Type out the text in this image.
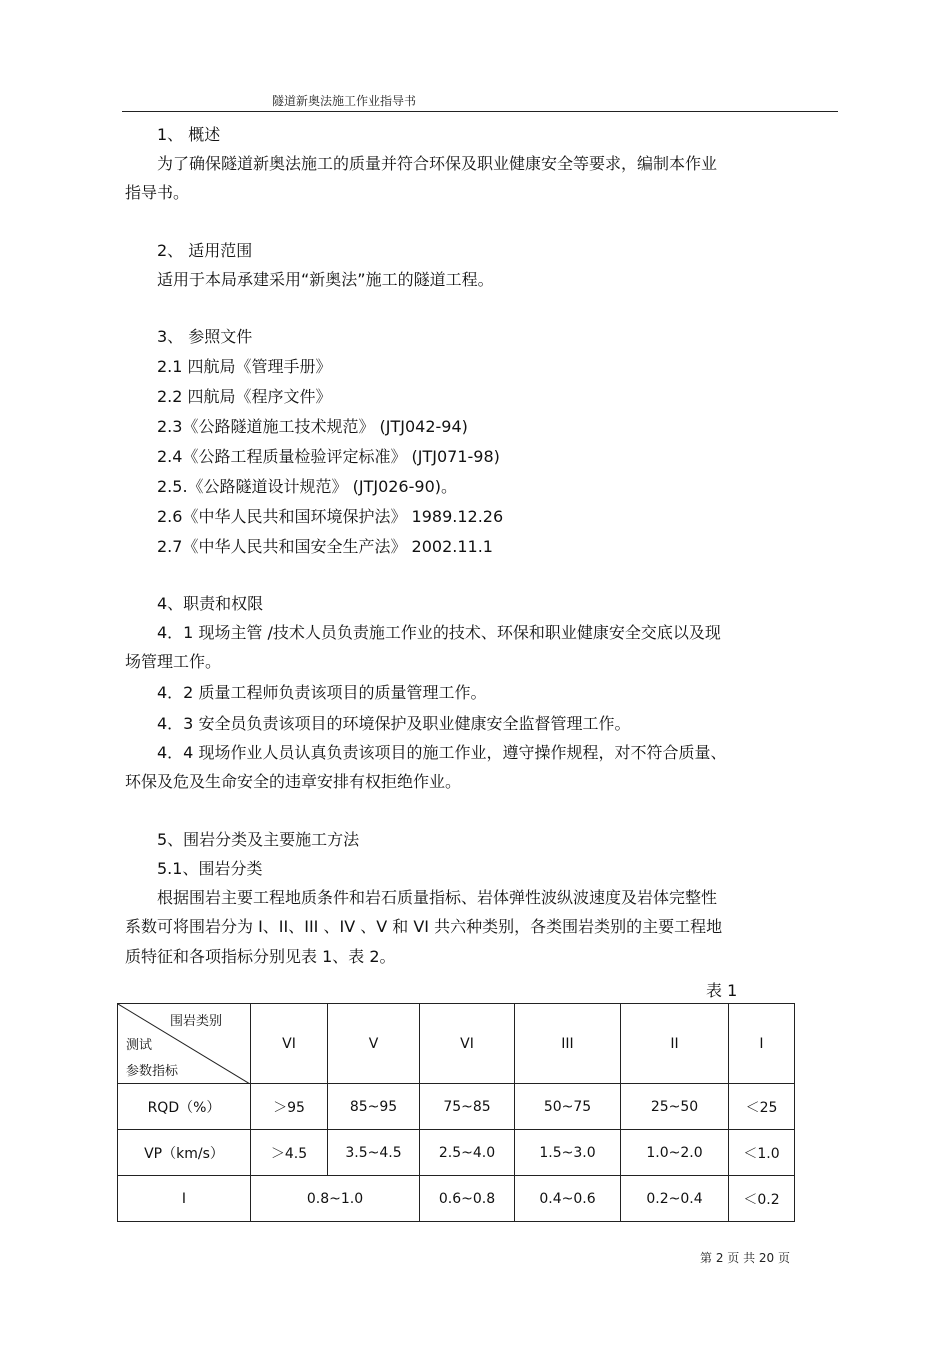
隧道新奥法施工作业指导书
1、 概述
为了确保隧道新奥法施工的质量并符合环保及职业健康安全等要求，编制本作业
指导书。
2、 适用范围
适用于本局承建采用“新奥法”施工的隧道工程。
3、 参照文件
2.1 四航局《管理手册》
2.2 四航局《程序文件》
2.3《公路隧道施工技术规范》 (JTJ042-94)
2.4《公路工程质量检验评定标准》 (JTJ071-98)
2.5.《公路隧道设计规范》 (JTJ026-90)。
2.6《中华人民共和国环境保护法》 1989.12.26
2.7《中华人民共和国安全生产法》 2002.11.1
4、职责和权限
4．1 现场主管 /技术人员负责施工作业的技术、环保和职业健康安全交底以及现
场管理工作。
4．2 质量工程师负责该项目的质量管理工作。
4．3 安全员负责该项目的环境保护及职业健康安全监督管理工作。
4．4 现场作业人员认真负责该项目的施工作业，遵守操作规程，对不符合质量、
环保及危及生命安全的违章安排有权拒绝作业。
5、围岩分类及主要施工方法
5.1、围岩分类
根据围岩主要工程地质条件和岩石质量指标、岩体弹性波纵波速度及岩体完整性
系数可将围岩分为 I、II、III 、IV 、V 和 VI 共六种类别，各类围岩类别的主要工程地
质特征和各项指标分别见表 1、表 2。
表 1
围岩类别
测试
参数指标	VI	V	VI	III	II	I
RQD（%）	＞95	85~95	75~85	50~75	25~50	＜25
VP（km/s）	＞4.5	3.5~4.5	2.5~4.0	1.5~3.0	1.0~2.0	＜1.0
I	0.8~1.0		0.6~0.8	0.4~0.6	0.2~0.4	＜0.2
第 2 页 共 20 页
